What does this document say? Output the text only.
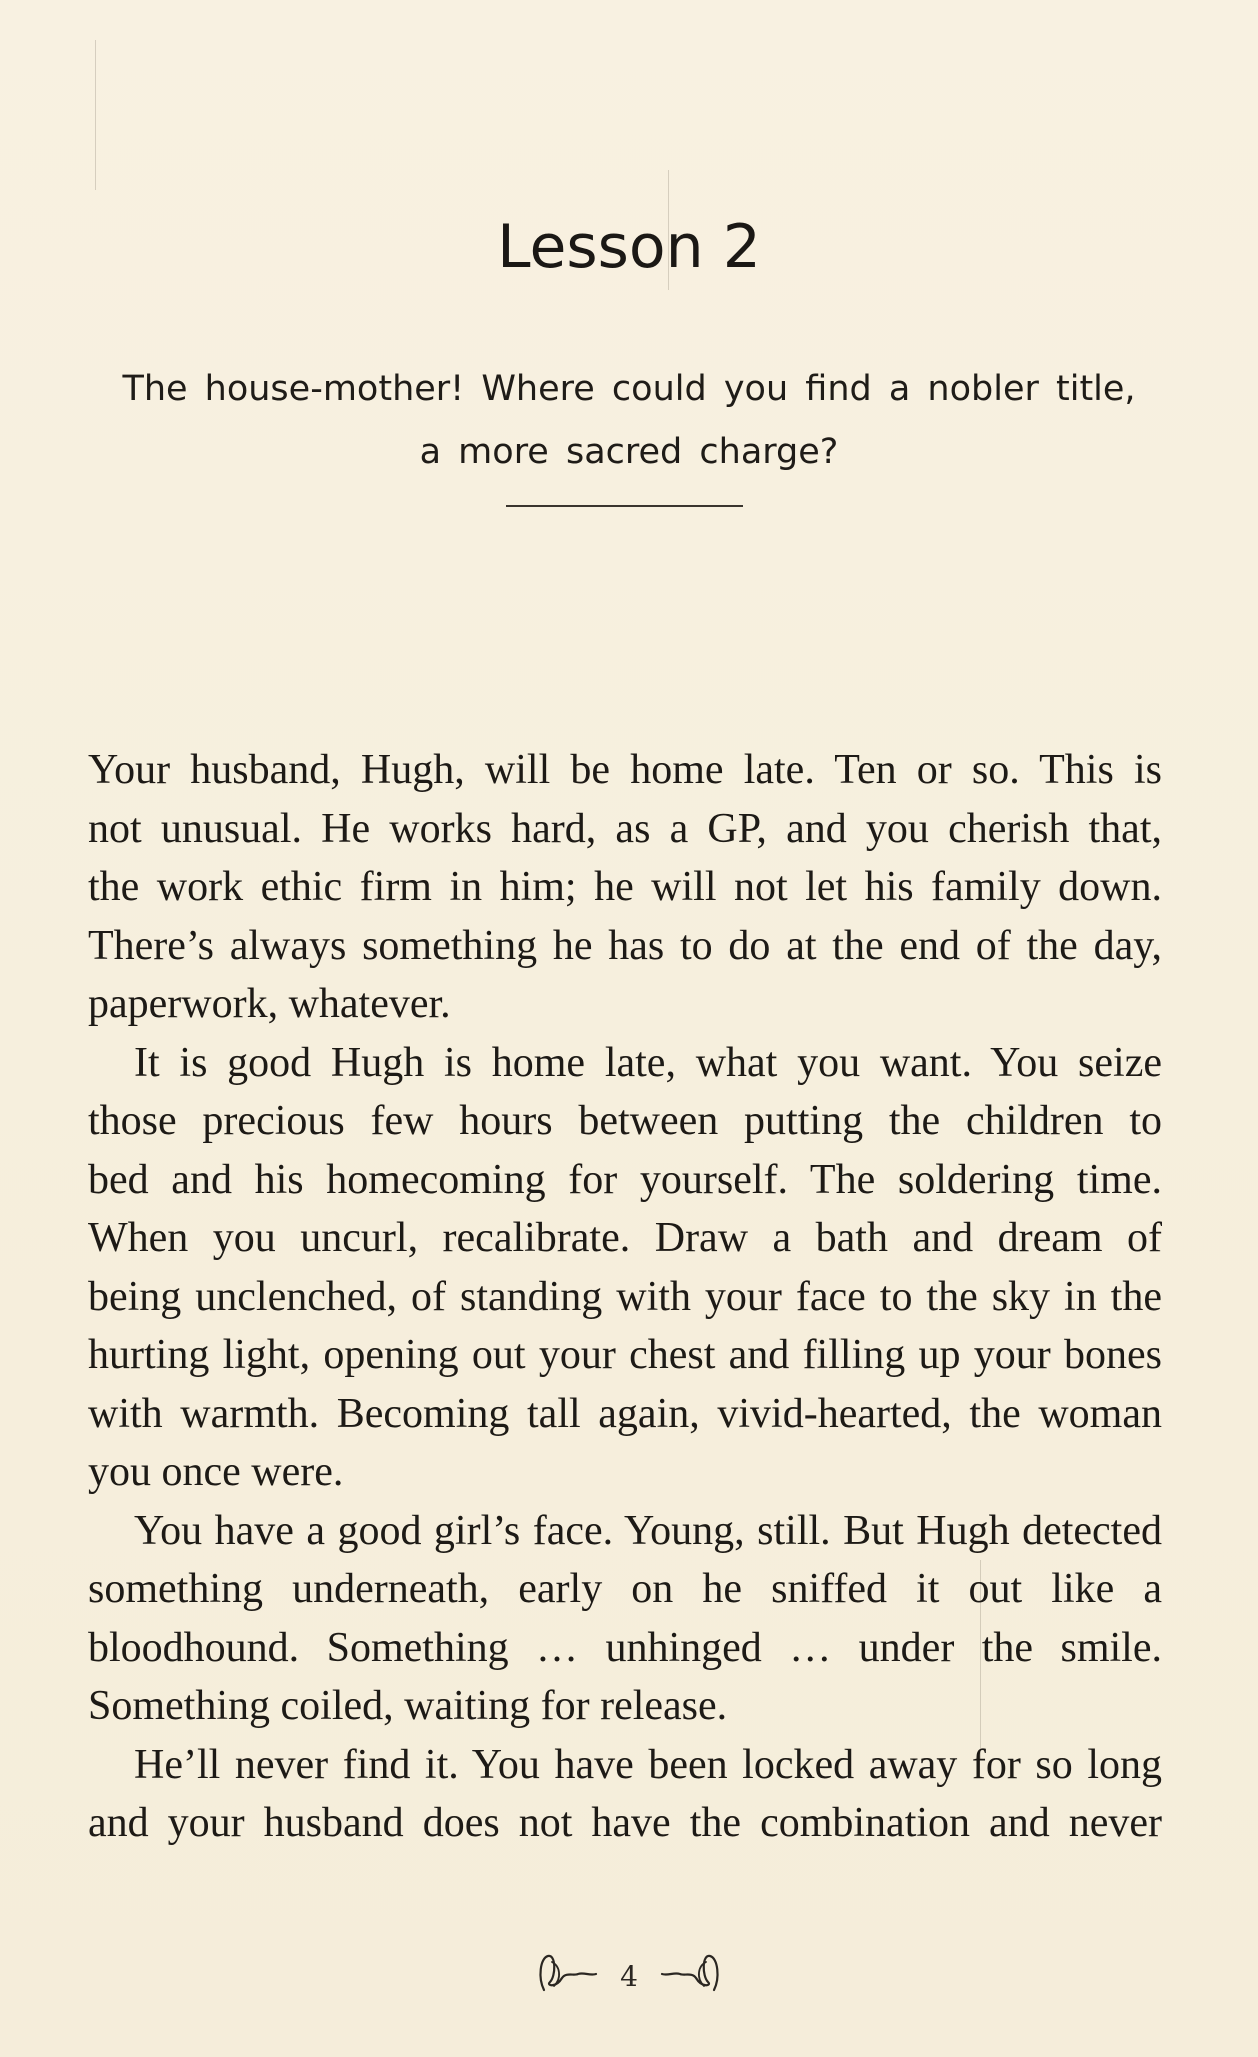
Lesson 2
The house-mother! Where could you find a nobler title,
a more sacred charge?
Your husband, Hugh, will be home late. Ten or so. This is
not unusual. He works hard, as a GP, and you cherish that,
the work ethic firm in him; he will not let his family down.
There’s always something he has to do at the end of the day,
paperwork, whatever.
It is good Hugh is home late, what you want. You seize
those precious few hours between putting the children to
bed and his homecoming for yourself. The soldering time.
When you uncurl, recalibrate. Draw a bath and dream of
being unclenched, of standing with your face to the sky in the
hurting light, opening out your chest and filling up your bones
with warmth. Becoming tall again, vivid-hearted, the woman
you once were.
You have a good girl’s face. Young, still. But Hugh detected
something underneath, early on he sniffed it out like a
bloodhound. Something … unhinged … under the smile.
Something coiled, waiting for release.
He’ll never find it. You have been locked away for so long
and your husband does not have the combination and never
4
